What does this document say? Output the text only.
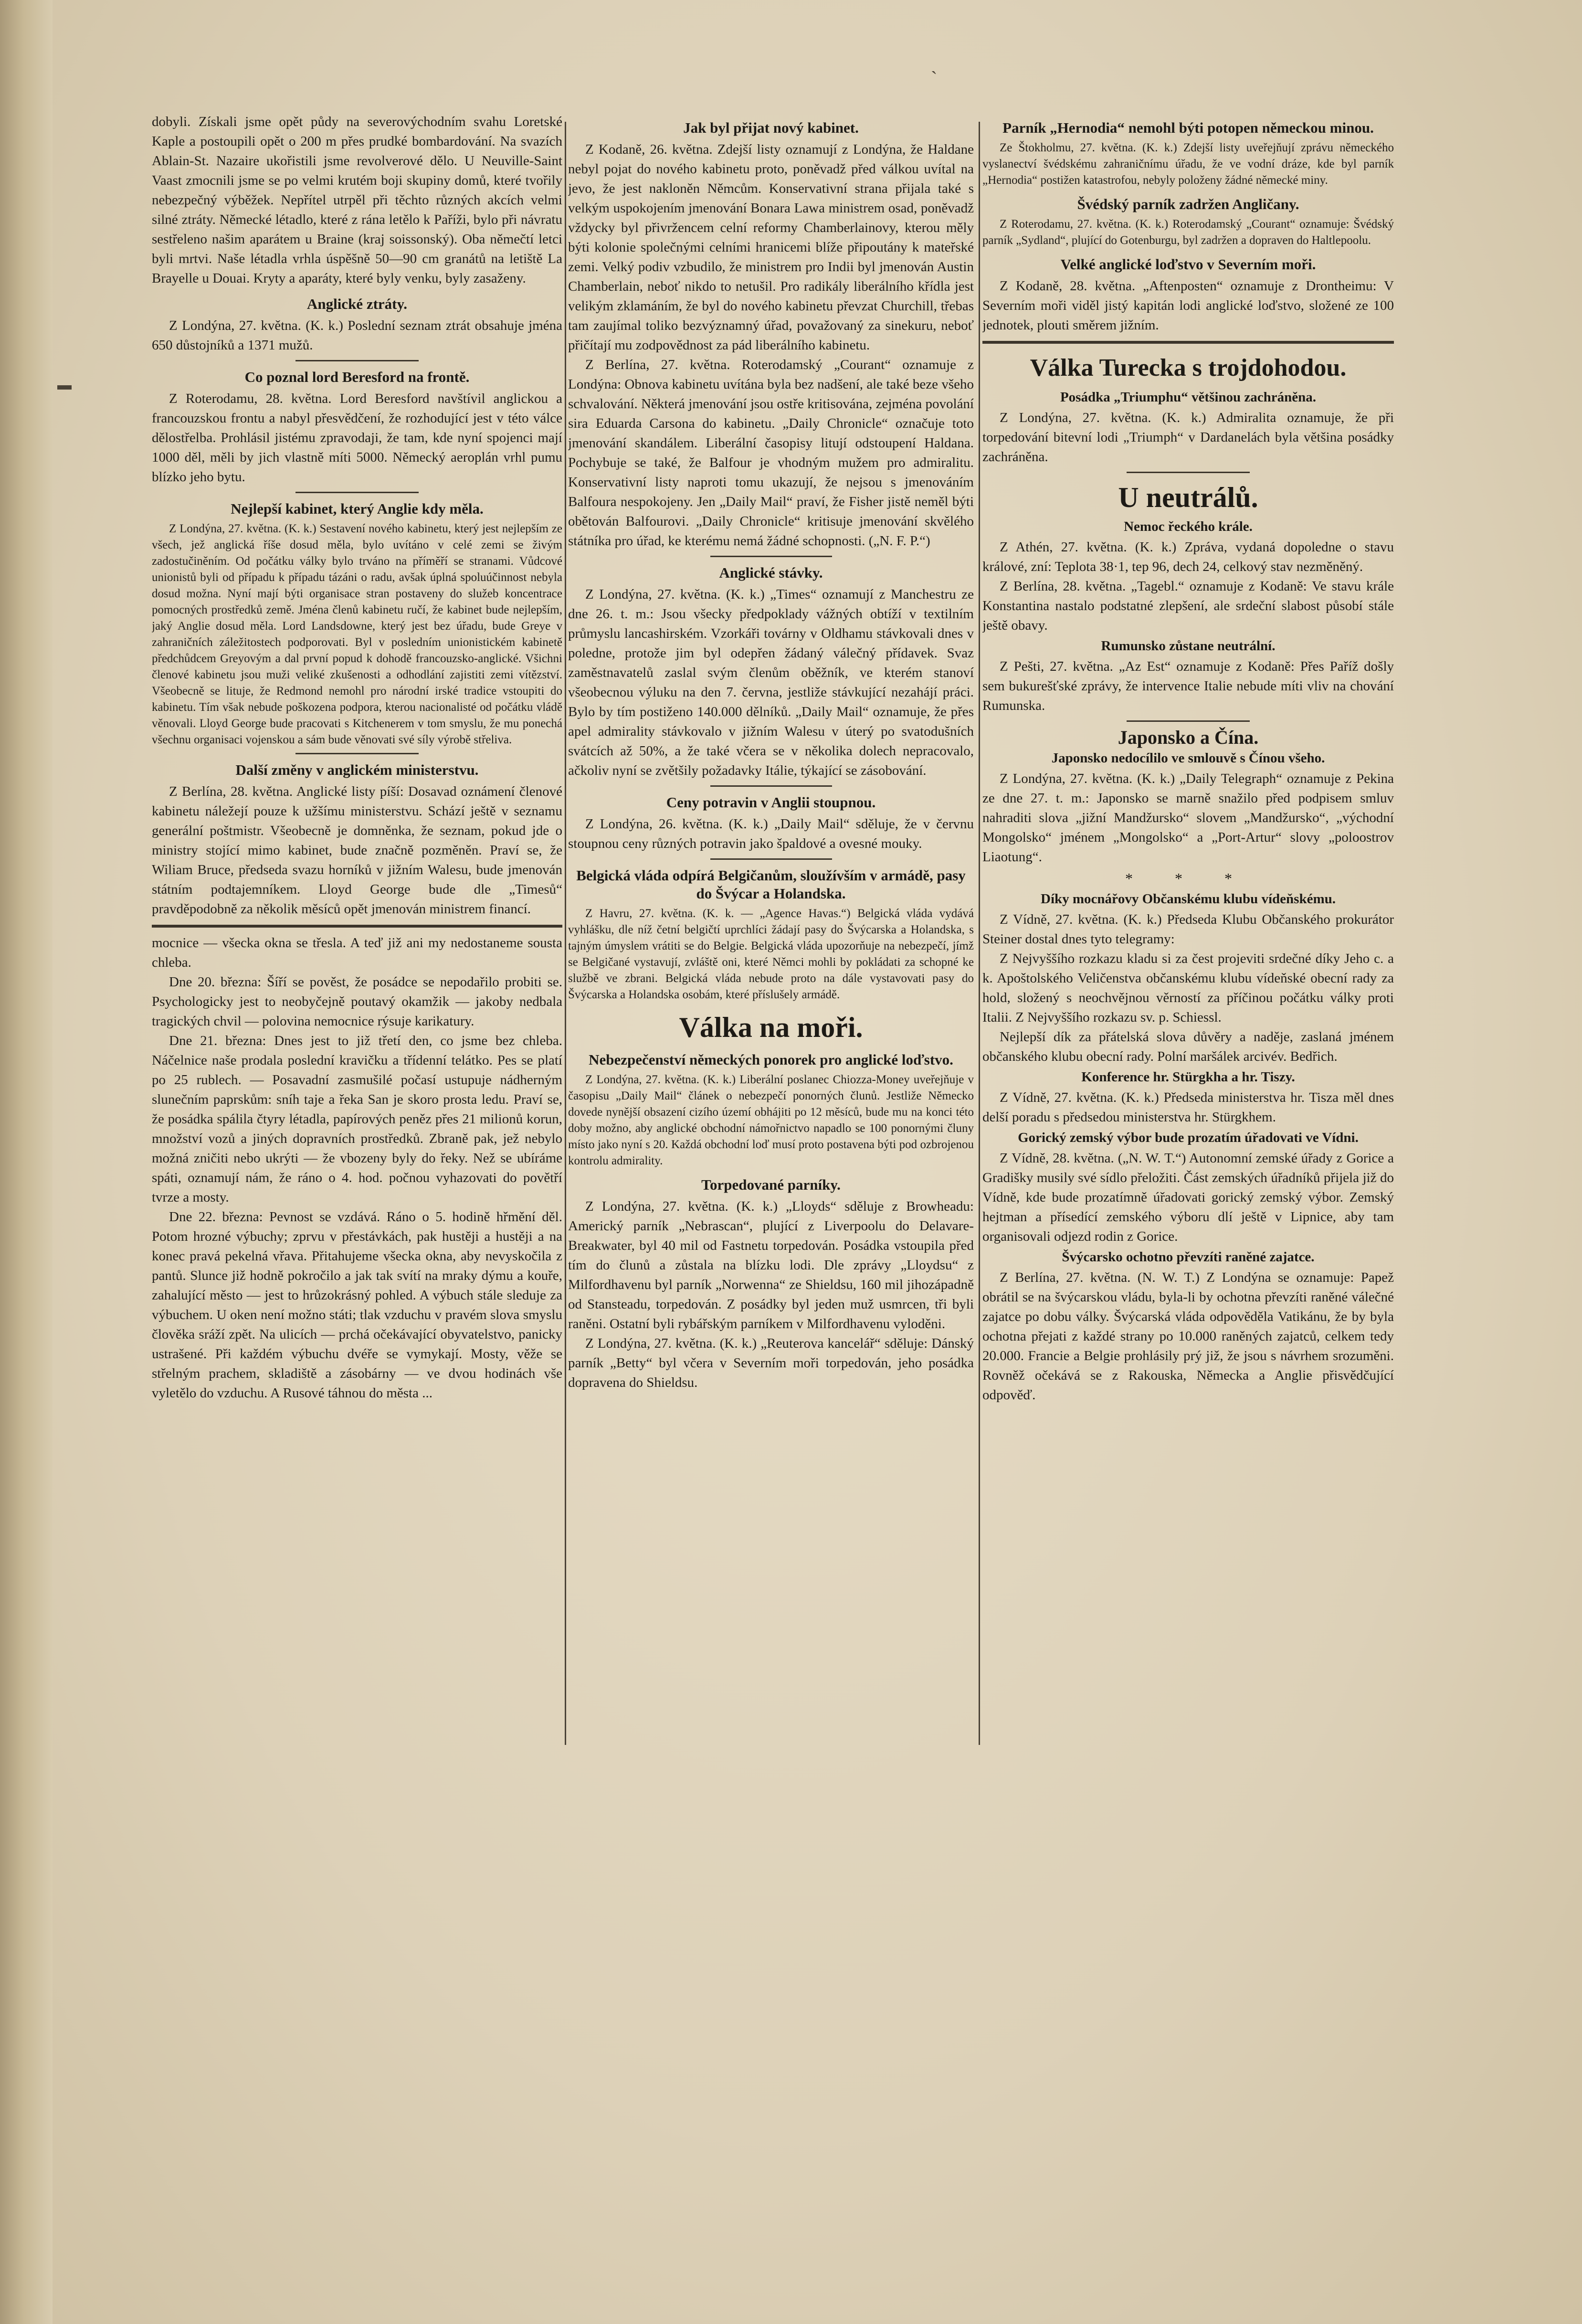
ˋ
▬

dobyli. Získali jsme opět půdy na severovýchodním svahu Loretské Kaple a postoupili opět o 200 m přes prudké bombardování. Na svazích Ablain-St. Nazaire ukořistili jsme revolverové dělo. U Neuville-Saint Vaast zmocnili jsme se po velmi krutém boji skupiny domů, které tvořily nebezpečný výběžek. Nepřítel utrpěl při těchto různých akcích velmi silné ztráty. Německé létadlo, které z rána letělo k Paříži, bylo při návratu sestřeleno našim aparátem u Braine (kraj soissonský). Oba němečtí letci byli mrtvi. Naše létadla vrhla úspěšně 50—90 cm granátů na letiště La Brayelle u Douai. Kryty a aparáty, které byly venku, byly zasaženy.

Anglické ztráty.

Z Londýna, 27. května. (K. k.) Poslední seznam ztrát obsahuje jména 650 důstojníků a 1371 mužů.

Co poznal lord Beresford na frontě.

Z Roterodamu, 28. května. Lord Beresford navštívil anglickou a francouzskou frontu a nabyl přesvědčení, že rozhodující jest v této válce dělostřelba. Prohlásil jistému zpravodaji, že tam, kde nyní spojenci mají 1000 děl, měli by jich vlastně míti 5000. Německý aeroplán vrhl pumu blízko jeho bytu.

Nejlepší kabinet, který Anglie kdy měla.

Z Londýna, 27. května. (K. k.) Sestavení nového kabinetu, který jest nejlepším ze všech, jež anglická říše dosud měla, bylo uvítáno v celé zemi se živým zadostučiněním. Od počátku války bylo trváno na příměří se stranami. Vůdcové unionistů byli od případu k případu tázáni o radu, avšak úplná spoluúčinnost nebyla dosud možna. Nyní mají býti organisace stran postaveny do služeb koncentrace pomocných prostředků země. Jména členů kabinetu ručí, že kabinet bude nejlepším, jaký Anglie dosud měla. Lord Landsdowne, který jest bez úřadu, bude Greye v zahraničních záležitostech podporovati. Byl v posledním unionistickém kabinetě předchůdcem Greyovým a dal první popud k dohodě francouzsko-anglické. Všichni členové kabinetu jsou muži veliké zkušenosti a odhodlání zajistiti zemi vítězství. Všeobecně se lituje, že Redmond nemohl pro národní irské tradice vstoupiti do kabinetu. Tím však nebude poškozena podpora, kterou nacionalisté od počátku vládě věnovali. Lloyd George bude pracovati s Kitchenerem v tom smyslu, že mu ponechá všechnu organisaci vojenskou a sám bude věnovati své síly výrobě střeliva.

Další změny v anglickém ministerstvu.

Z Berlína, 28. května. Anglické listy píší: Dosavad oznámení členové kabinetu náležejí pouze k užšímu ministerstvu. Schází ještě v seznamu generální poštmistr. Všeobecně je domněnka, že seznam, pokud jde o ministry stojící mimo kabinet, bude značně pozměněn. Praví se, že Wiliam Bruce, předseda svazu horníků v jižním Walesu, bude jmenován státním podtajemníkem. Lloyd George bude dle „Timesů“ pravděpodobně za několik měsíců opět jmenován ministrem financí.

mocnice — všecka okna se třesla. A teď již ani my nedostaneme sousta chleba.

Dne 20. března: Šíří se pověst, že posádce se nepodařilo probiti se. Psychologicky jest to neobyčejně poutavý okamžik — jakoby nedbala tragických chvil — polovina nemocnice rýsuje karikatury.

Dne 21. března: Dnes jest to již třetí den, co jsme bez chleba. Náčelnice naše prodala poslední kravičku a třídenní telátko. Pes se platí po 25 rublech. — Posavadní zasmušilé počasí ustupuje nádherným slunečním paprskům: sníh taje a řeka San je skoro prosta ledu. Praví se, že posádka spálila čtyry létadla, papírových peněz přes 21 milionů korun, množství vozů a jiných dopravních prostředků. Zbraně pak, jež nebylo možná zničiti nebo ukrýti — že vbozeny byly do řeky. Než se ubíráme spáti, oznamují nám, že ráno o 4. hod. počnou vyhazovati do povětří tvrze a mosty.

Dne 22. března: Pevnost se vzdává. Ráno o 5. hodině hřmění děl. Potom hrozné výbuchy; zprvu v přestávkách, pak hustěji a hustěji a na konec pravá pekelná vřava. Přitahujeme všecka okna, aby nevyskočila z pantů. Slunce již hodně pokročilo a jak tak svítí na mraky dýmu a kouře, zahalující město — jest to hrůzokrásný pohled. A výbuch stále sleduje za výbuchem. U oken není možno státi; tlak vzduchu v pravém slova smyslu člověka sráží zpět. Na ulicích — prchá očekávající obyvatelstvo, panicky ustrašené. Při každém výbuchu dvéře se vymykají. Mosty, věže se střelným prachem, skladiště a zásobárny — ve dvou hodinách vše vyletělo do vzduchu. A Rusové táhnou do města ...

Jak byl přijat nový kabinet.

Z Kodaně, 26. května. Zdejší listy oznamují z Londýna, že Haldane nebyl pojat do nového kabinetu proto, poněvadž před válkou uvítal na jevo, že jest nakloněn Němcům. Konservativní strana přijala také s velkým uspokojením jmenování Bonara Lawa ministrem osad, poněvadž vždycky byl přivržencem celní reformy Chamberlainovy, kterou měly býti kolonie společnými celními hranicemi blíže připoutány k mateřské zemi. Velký podiv vzbudilo, že ministrem pro Indii byl jmenován Austin Chamberlain, neboť nikdo to netušil. Pro radikály liberálního křídla jest velikým zklamáním, že byl do nového kabinetu převzat Churchill, třebas tam zaujímal toliko bezvýznamný úřad, považovaný za sinekuru, neboť přičítají mu zodpovědnost za pád liberálního kabinetu.

Z Berlína, 27. května. Roterodamský „Courant“ oznamuje z Londýna: Obnova kabinetu uvítána byla bez nadšení, ale také beze všeho schvalování. Některá jmenování jsou ostře kritisována, zejména povolání sira Eduarda Carsona do kabinetu. „Daily Chronicle“ označuje toto jmenování skandálem. Liberální časopisy litují odstoupení Haldana. Pochybuje se také, že Balfour je vhodným mužem pro admiralitu. Konservativní listy naproti tomu ukazují, že nejsou s jmenováním Balfoura nespokojeny. Jen „Daily Mail“ praví, že Fisher jistě neměl býti obětován Balfourovi. „Daily Chronicle“ kritisuje jmenování skvělého státníka pro úřad, ke kterému nemá žádné schopnosti. („N. F. P.“)

Anglické stávky.

Z Londýna, 27. května. (K. k.) „Times“ oznamují z Manchestru ze dne 26. t. m.: Jsou všecky předpoklady vážných obtíží v textilním průmyslu lancashirském. Vzorkáři továrny v Oldhamu stávkovali dnes v poledne, protože jim byl odepřen žádaný válečný přídavek. Svaz zaměstnavatelů zaslal svým členům oběžník, ve kterém stanoví všeobecnou výluku na den 7. června, jestliže stávkující nezahájí práci. Bylo by tím postiženo 140.000 dělníků. „Daily Mail“ oznamuje, že přes apel admirality stávkovalo v jižním Walesu v úterý po svatodušních svátcích až 50%, a že také včera se v několika dolech nepracovalo, ačkoliv nyní se zvětšily požadavky Itálie, týkající se zásobování.

Ceny potravin v Anglii stoupnou.

Z Londýna, 26. května. (K. k.) „Daily Mail“ sděluje, že v červnu stoupnou ceny různých potravin jako špaldové a ovesné mouky.

Belgická vláda odpírá Belgičanům, sloužívším v armádě, pasy do Švýcar a Holandska.

Z Havru, 27. května. (K. k. — „Agence Havas.“) Belgická vláda vydává vyhlášku, dle níž četní belgičtí uprchlíci žádají pasy do Švýcarska a Holandska, s tajným úmyslem vrátiti se do Belgie. Belgická vláda upozorňuje na nebezpečí, jímž se Belgičané vystavují, zvláště oni, které Němci mohli by pokládati za schopné ke službě ve zbrani. Belgická vláda nebude proto na dále vystavovati pasy do Švýcarska a Holandska osobám, které příslušely armádě.

Válka na moři.
Nebezpečenství německých ponorek pro anglické loďstvo.

Z Londýna, 27. května. (K. k.) Liberální poslanec Chiozza-Money uveřejňuje v časopisu „Daily Mail“ článek o nebezpečí ponorných člunů. Jestliže Německo dovede nynější obsazení cizího území obhájiti po 12 měsíců, bude mu na konci této doby možno, aby anglické obchodní námořnictvo napadlo se 100 ponornými čluny místo jako nyní s 20. Každá obchodní loď musí proto postavena býti pod ozbrojenou kontrolu admirality.

Torpedované parníky.

Z Londýna, 27. května. (K. k.) „Lloyds“ sděluje z Browheadu: Americký parník „Nebrascan“, plující z Liverpoolu do Delavare-Breakwater, byl 40 mil od Fastnetu torpedován. Posádka vstoupila před tím do člunů a zůstala na blízku lodi. Dle zprávy „Lloydsu“ z Milfordhavenu byl parník „Norwenna“ ze Shieldsu, 160 mil jihozápadně od Stansteadu, torpedován. Z posádky byl jeden muž usmrcen, tři byli raněni. Ostatní byli rybářským parníkem v Milfordhavenu vyloděni.

Z Londýna, 27. května. (K. k.) „Reuterova kancelář“ sděluje: Dánský parník „Betty“ byl včera v Severním moři torpedován, jeho posádka dopravena do Shieldsu.

Parník „Hernodia“ nemohl býti potopen německou minou.

Ze Štokholmu, 27. května. (K. k.) Zdejší listy uveřejňují zprávu německého vyslanectví švédskému zahraničnímu úřadu, že ve vodní dráze, kde byl parník „Hernodia“ postižen katastrofou, nebyly položeny žádné německé miny.

Švédský parník zadržen Angličany.

Z Roterodamu, 27. května. (K. k.) Roterodamský „Courant“ oznamuje: Švédský parník „Sydland“, plující do Gotenburgu, byl zadržen a dopraven do Haltlepoolu.

Velké anglické loďstvo v Severním moři.

Z Kodaně, 28. května. „Aftenposten“ oznamuje z Drontheimu: V Severním moři viděl jistý kapitán lodi anglické loďstvo, složené ze 100 jednotek, plouti směrem jižním.

Válka Turecka s trojdohodou.
Posádka „Triumphu“ většinou zachráněna.

Z Londýna, 27. května. (K. k.) Admiralita oznamuje, že při torpedování bitevní lodi „Triumph“ v Dardanelách byla většina posádky zachráněna.

U neutrálů.
Nemoc řeckého krále.

Z Athén, 27. května. (K. k.) Zpráva, vydaná dopoledne o stavu králové, zní: Teplota 38·1, tep 96, dech 24, celkový stav nezměněný.

Z Berlína, 28. května. „Tagebl.“ oznamuje z Kodaně: Ve stavu krále Konstantina nastalo podstatné zlepšení, ale srdeční slabost působí stále ještě obavy.

Rumunsko zůstane neutrální.

Z Pešti, 27. května. „Az Est“ oznamuje z Kodaně: Přes Paříž došly sem bukurešťské zprávy, že intervence Italie nebude míti vliv na chování Rumunska.

Japonsko a Čína.
Japonsko nedocílilo ve smlouvě s Čínou všeho.

Z Londýna, 27. května. (K. k.) „Daily Telegraph“ oznamuje z Pekina ze dne 27. t. m.: Japonsko se marně snažilo před podpisem smluv nahraditi slova „jižní Mandžursko“ slovem „Mandžursko“, „východní Mongolsko“ jménem „Mongolsko“ a „Port-Artur“ slovy „poloostrov Liaotung“.

* * *
Díky mocnářovy Občanskému klubu vídeňskému.

Z Vídně, 27. května. (K. k.) Předseda Klubu Občanského prokurátor Steiner dostal dnes tyto telegramy:

Z Nejvyššího rozkazu kladu si za čest projeviti srdečné díky Jeho c. a k. Apoštolského Veličenstva občanskému klubu vídeňské obecní rady za hold, složený s neochvějnou věrností za příčinou počátku války proti Italii. Z Nejvyššího rozkazu sv. p. Schiessl.

Nejlepší dík za přátelská slova důvěry a naděje, zaslaná jménem občanského klubu obecní rady. Polní maršálek arcivév. Bedřich.

Konference hr. Stürgkha a hr. Tiszy.

Z Vídně, 27. května. (K. k.) Předseda ministerstva hr. Tisza měl dnes delší poradu s předsedou ministerstva hr. Stürgkhem.

Gorický zemský výbor bude prozatím úřadovati ve Vídni.

Z Vídně, 28. května. („N. W. T.“) Autonomní zemské úřady z Gorice a Gradišky musily své sídlo přeložiti. Část zemských úřadníků přijela již do Vídně, kde bude prozatímně úřadovati gorický zemský výbor. Zemský hejtman a přísedící zemského výboru dlí ještě v Lipnice, aby tam organisovali odjezd rodin z Gorice.

Švýcarsko ochotno převzíti raněné zajatce.

Z Berlína, 27. května. (N. W. T.) Z Londýna se oznamuje: Papež obrátil se na švýcarskou vládu, byla-li by ochotna převzíti raněné válečné zajatce po dobu války. Švýcarská vláda odpověděla Vatikánu, že by byla ochotna přejati z každé strany po 10.000 raněných zajatců, celkem tedy 20.000. Francie a Belgie prohlásily prý již, že jsou s návrhem srozuměni. Rovněž očekává se z Rakouska, Německa a Anglie přisvědčující odpověď.
